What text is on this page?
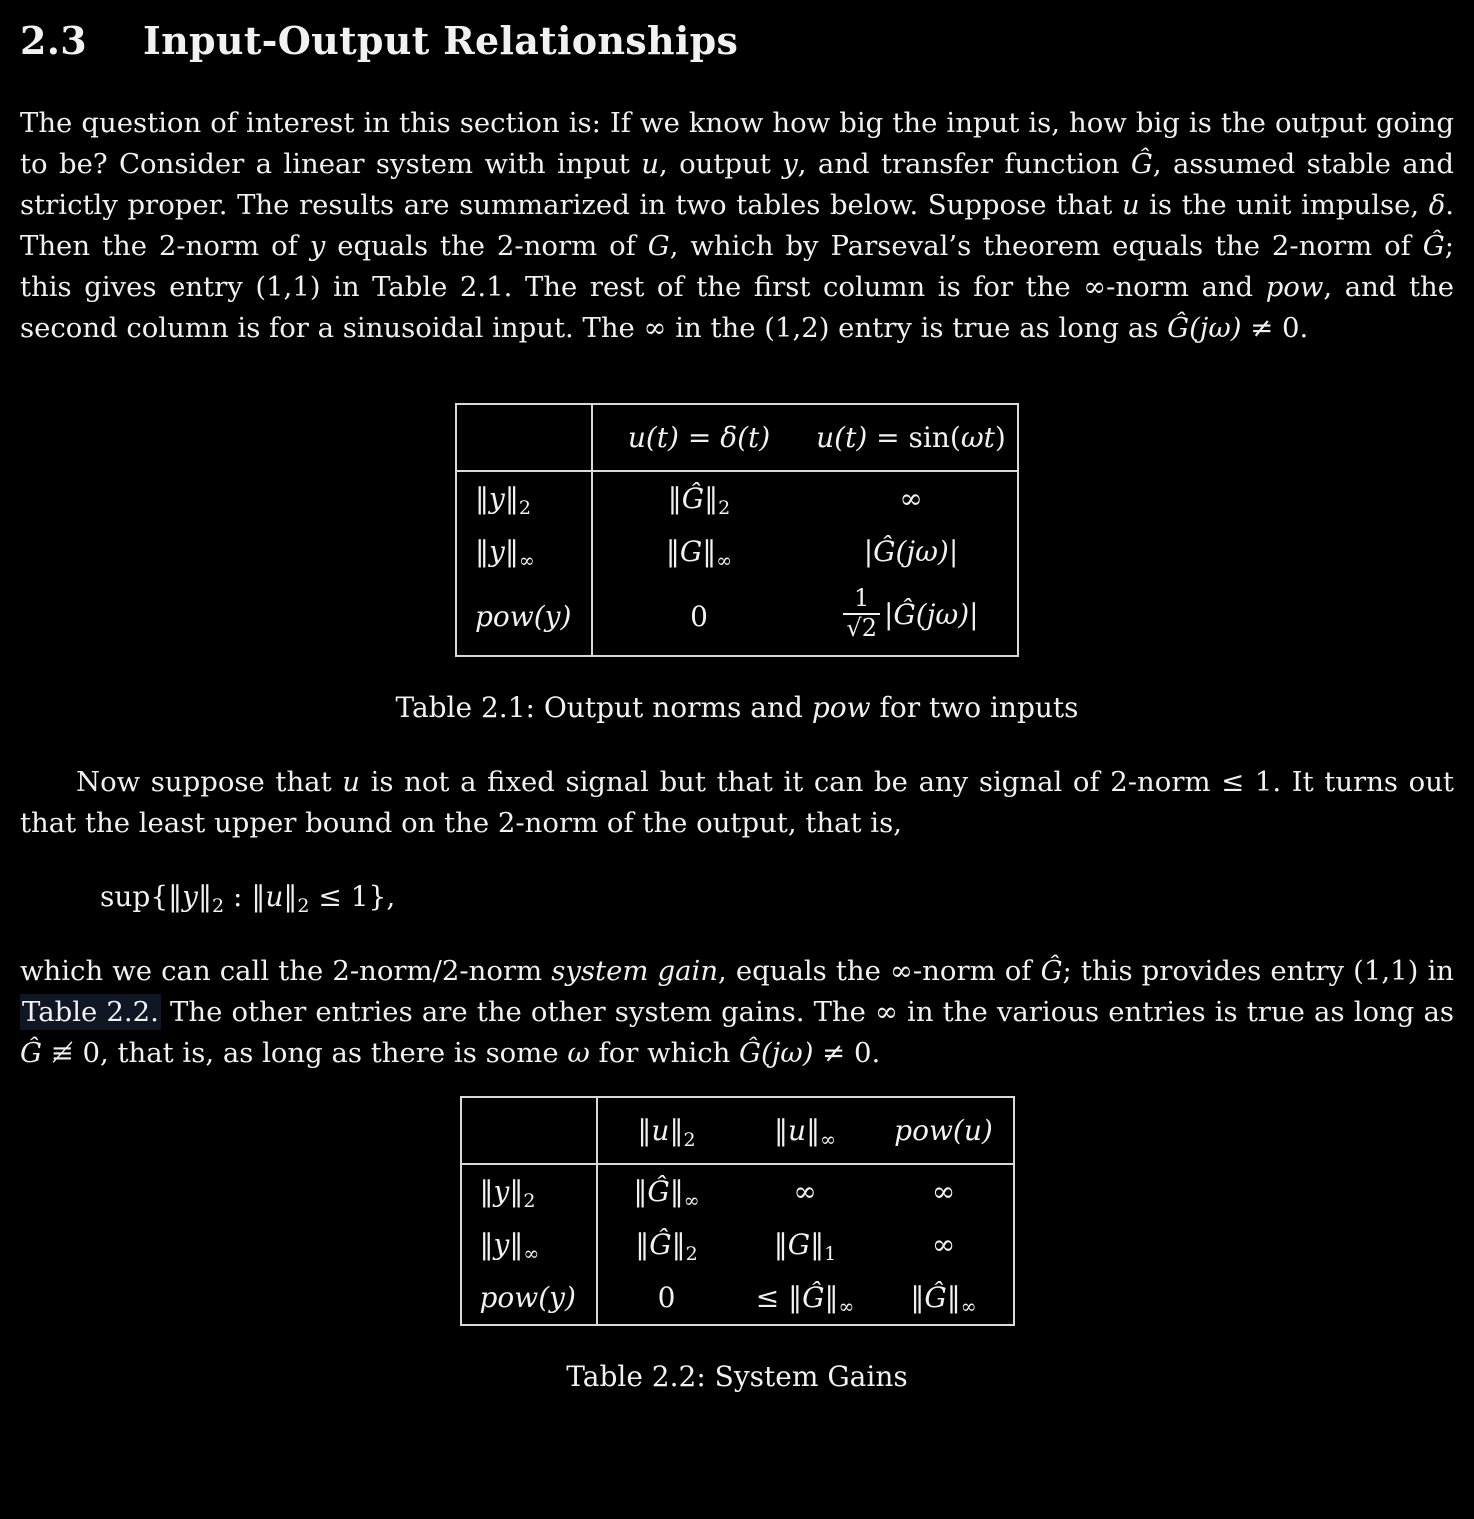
2.3 Input-Output Relationships

The question of interest in this section is: If we know how big the input is, how big is the output going to be? Consider a linear system with input u, output y, and transfer function Ĝ, assumed stable and strictly proper. The results are summarized in two tables below. Suppose that u is the unit impulse, δ. Then the 2-norm of y equals the 2-norm of G, which by Parseval’s theorem equals the 2-norm of Ĝ; this gives entry (1,1) in Table 2.1. The rest of the first column is for the ∞-norm and pow, and the second column is for a sinusoidal input. The ∞ in the (1,2) entry is true as long as Ĝ(jω) ≠ 0.

	u(t) = δ(t)	u(t) = sin(ωt)
$‖y‖_2$	$‖Ĝ‖_2$	∞
$‖y‖_\infty$	$‖G‖_\infty$	|Ĝ(jω)|
pow(y)	0	$\frac{1}{√2}$ |Ĝ(jω)|
Table 2.1: Output norms and pow for two inputs

Now suppose that u is not a fixed signal but that it can be any signal of 2-norm ≤ 1. It turns out that the least upper bound on the 2-norm of the output, that is,

$sup\{‖y‖_2$ : $‖u‖_2 \le 1$},

which we can call the 2-norm/2-norm system gain, equals the ∞-norm of Ĝ; this provides entry (1,1) in Table 2.2. The other entries are the other system gains. The ∞ in the various entries is true as long as Ĝ ≢ 0, that is, as long as there is some ω for which Ĝ(jω) ≠ 0.

	$‖u‖_2$	$‖u‖_\infty$	pow(u)
$‖y‖_2$	$‖Ĝ‖_\infty$	∞	∞
$‖y‖_\infty$	$‖Ĝ‖_2$	$‖G‖_1$	∞
pow(y)	0	≤ $‖Ĝ‖_\infty$	$‖Ĝ‖_\infty$
Table 2.2: System Gains
